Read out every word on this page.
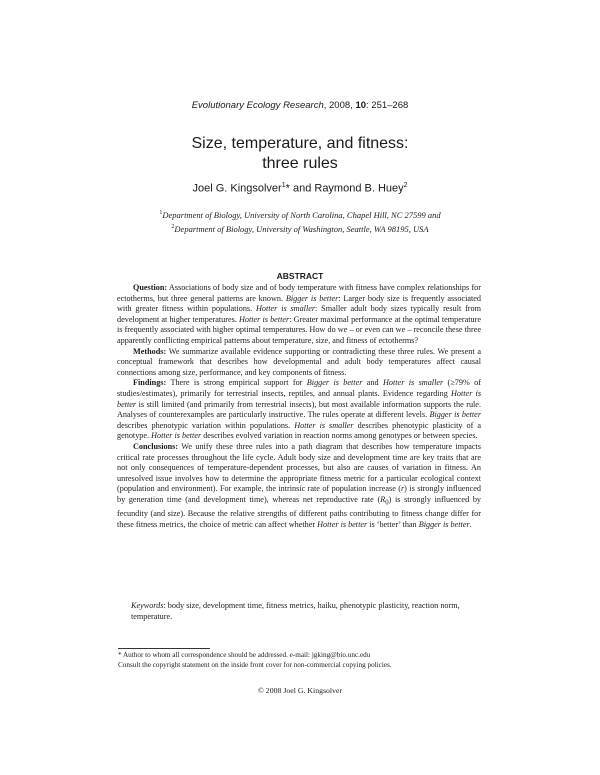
Evolutionary Ecology Research, 2008, 10: 251–268
Size, temperature, and fitness:
three rules
Joel G. Kingsolver$^1$* and Raymond B. Huey$^2$
$^1$Department of Biology, University of North Carolina, Chapel Hill, NC 27599 and
$^2$Department of Biology, University of Washington, Seattle, WA 98195, USA
ABSTRACT

Question: Associations of body size and of body temperature with fitness have complex relationships for ectotherms, but three general patterns are known. Bigger is better: Larger body size is frequently associated with greater fitness within populations. Hotter is smaller: Smaller adult body sizes typically result from development at higher temperatures. Hotter is better: Greater maximal performance at the optimal temperature is frequently associated with higher optimal temperatures. How do we – or even can we – reconcile these three apparently conflicting empirical patterns about temperature, size, and fitness of ectotherms?

Methods: We summarize available evidence supporting or contradicting these three rules. We present a conceptual framework that describes how developmental and adult body temperatures affect causal connections among size, performance, and key components of fitness.

Findings: There is strong empirical support for Bigger is better and Hotter is smaller (≥79% of studies/estimates), primarily for terrestrial insects, reptiles, and annual plants. Evidence regarding Hotter is better is still limited (and primarily from terrestrial insects), but most available information supports the rule. Analyses of counterexamples are particularly instructive. The rules operate at different levels. Bigger is better describes phenotypic variation within populations. Hotter is smaller describes phenotypic plasticity of a genotype. Hotter is better describes evolved variation in reaction norms among genotypes or between species.

Conclusions: We unify these three rules into a path diagram that describes how temperature impacts critical rate processes throughout the life cycle. Adult body size and development time are key traits that are not only consequences of temperature-dependent processes, but also are causes of variation in fitness. An unresolved issue involves how to determine the appropriate fitness metric for a particular ecological context (population and environment). For example, the intrinsic rate of population increase (r) is strongly influenced by generation time (and development time), whereas net reproductive rate $(R_0)$ is strongly influenced by fecundity (and size). Because the relative strengths of different paths contributing to fitness change differ for these fitness metrics, the choice of metric can affect whether Hotter is better is ‘better’ than Bigger is better.

Keywords: body size, development time, fitness metrics, haiku, phenotypic plasticity, reaction norm, temperature.
* Author to whom all correspondence should be addressed. e-mail: jgking@bio.unc.edu
Consult the copyright statement on the inside front cover for non-commercial copying policies.
© 2008 Joel G. Kingsolver
